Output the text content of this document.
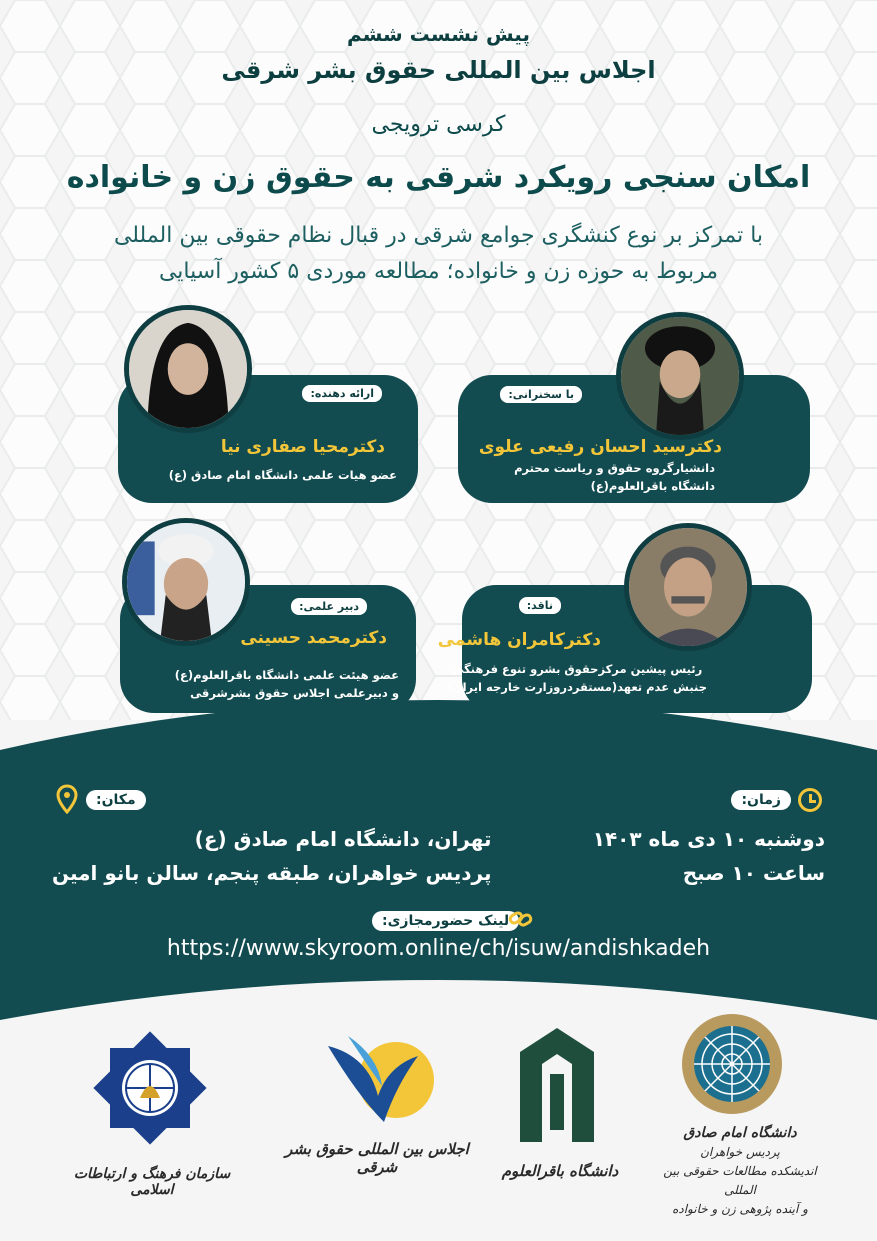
پیش نشست ششم
اجلاس بین المللی حقوق بشر شرقی
کرسی ترویجی
امکان سنجی رویکرد شرقی به حقوق زن و خانواده
با تمرکز بر نوع کنشگری جوامع شرقی در قبال نظام حقوقی بین المللی
مربوط به حوزه زن و خانواده؛ مطالعه موردی ۵ کشور آسیایی
با سخنرانی:
دکترسید احسان رفیعی علوی
دانشیارگروه حقوق و ریاست محترم
دانشگاه باقرالعلوم(ع)
ارائه دهنده:
دکترمحیا صفاری نیا
عضو هیات علمی دانشگاه امام صادق (ع)
ناقد:
دکترکامران هاشمی
رئیس پیشین مرکزحقوق بشرو تنوع فرهنگی
جنبش عدم تعهد(مستقردروزارت خارجه ایران)
دبیر علمی:
دکترمحمد حسینی
عضو هیئت علمی دانشگاه باقرالعلوم(ع)
و دبیرعلمی اجلاس حقوق بشرشرقی
زمان:
دوشنبه ۱۰ دی ماه ۱۴۰۳
ساعت ۱۰ صبح
مکان:
تهران، دانشگاه امام صادق (ع)
پردیس خواهران، طبقه پنجم، سالن بانو امین
لینک حضورمجازی:
https://www.skyroom.online/ch/isuw/andishkadeh
دانشگاه امام صادق
پردیس خواهران
اندیشکده مطالعات حقوقی بین المللی
و آینده پژوهی زن و خانواده
دانشگاه باقرالعلوم
اجلاس بین المللی حقوق بشر شرقی
سازمان فرهنگ و ارتباطات اسلامی
